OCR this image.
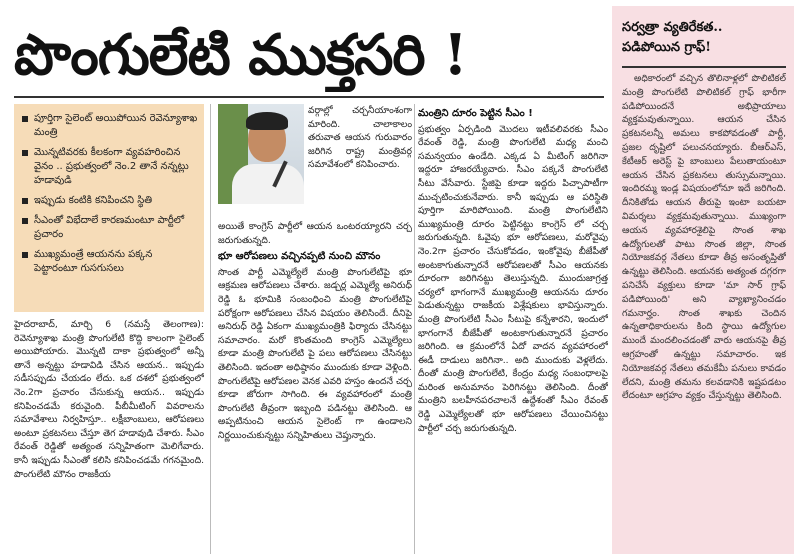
పొంగులేటి ముక్తసరి !
పూర్తిగా సైలెంట్ అయిపోయిన రెవెన్యూశాఖ మంత్రి
మొన్నటివరకు కీలకంగా వ్యవహరించిన వైనం .. ప్రభుత్వంలో నెం.2 తానే నన్నట్లు హడావుడి
ఇప్పుడు కంటికి కనిపించని స్థితి
సీఎంతో విభేదాలే కారణమంటూ పార్టీలో ప్రచారం
ముఖ్యమంత్రే ఆయనను పక్కన పెట్టారంటూ గుసగుసలు

హైదరాబాద్, మార్చి 6 (నమస్తే తెలంగాణ): రెవెన్యూశాఖ మంత్రి పొంగులేటి కొద్ది కాలంగా సైలెంట్ అయిపోయారు. మొన్నటి దాకా ప్రభుత్వంలో అన్నీ తానే అన్నట్టు హడావిడి చేసిన ఆయన.. ఇప్పుడు సడీసప్పుడు చేయడం లేదు. ఒక దశలో ప్రభుత్వంలో నెం.2గా ప్రచారం చేసుకున్న ఆయన.. ఇప్పుడు కనిపించడమే కరువైంది. పీబీమీటింగ్ వివరాలను సమావేశాలు నిర్వహిస్తూ.. లక్షీబాంబులు, ఆరోపణలు అంటూ ప్రకటనలు చేస్తూ తెగ హడావుడి చేశారు. సీఎం రేవంత్ రెడ్డితో అత్యంత సన్నిహితంగా మెలిగేవారు. కానీ ఇప్పుడు సీఎంతో కలిసి కనిపించడమే గగనమైంది. పొంగులేటి మౌనం రాజకీయ

వర్గాల్లో చర్చనీయాంశంగా మారింది. చాలాకాలం తరువాత ఆయన గురువారం జరిగిన రాష్ట్ర మంత్రివర్గ సమావేశంలో కనిపించారు.

అయితే కాంగ్రెస్ పార్టీలో ఆయన ఒంటరయ్యారని చర్చ జరుగుతున్నది.

భూ ఆరోపణలు వచ్చినప్పటి నుంచి మౌనం

సొంత పార్టీ ఎమ్మెల్యేలే మంత్రి పొంగులేటిపై భూ ఆక్రమణ ఆరోపణలు చేశారు. జడ్చర్ల ఎమ్మెల్యే అనిరుధ్ రెడ్డి ఓ భూమికి సంబంధించి మంత్రి పొంగులేటిపై పరోక్షంగా ఆరోపణలు చేసిన విషయం తెలిసిందే. దీనిపై అనిరుధ్ రెడ్డి ఏకంగా ముఖ్యమంత్రికి ఫిర్యాదు చేసినట్టు సమాచారం. మరో కొంతమంది కాంగ్రెస్ ఎమ్మెల్యేలు కూడా మంత్రి పొంగులేటి పై పలు ఆరోపణలు చేసినట్టు తెలిసింది. ఇదంతా అధిష్ఠానం ముందుకు కూడా వెళ్లింది. పొంగులేటిపై ఆరోపణల వెనక ఎవరి హస్తం ఉందనే చర్చ కూడా జోరుగా సాగింది. ఈ వ్యవహారంలో మంత్రి పొంగులేటి తీవ్రంగా ఇబ్బంది పడినట్టు తెలిసింది. ఆ అప్పటినుంచి ఆయన సైలెంట్ గా ఉండాలని నిర్ణయించుకున్నట్టు సన్నిహితులు చెప్తున్నారు.

మంత్రిని దూరం పెట్టిన సీఎం !

ప్రభుత్వం ఏర్పడింది మొదలు ఇటీవలివరకు సీఎం రేవంత్ రెడ్డి, మంత్రి పొంగులేటి మధ్య మంచి సమన్వయం ఉండేది. ఎక్కడ ఏ మీటింగ్ జరిగినా ఇద్దరూ హాజరయ్యేవారు. సీఎం పక్కనే పొంగులేటి సీటు వేసేవారు. స్టేజిపై కూడా ఇద్దరు పిచ్చాపాటీగా ముచ్చటించుకునేవారు. కానీ ఇప్పుడు ఆ పరిస్థితి పూర్తిగా మారిపోయింది. మంత్రి పొంగులేటిని ముఖ్యమంత్రి దూరం పెట్టినట్టు కాంగ్రెస్ లో చర్చ జరుగుతున్నది. ఓవైపు భూ ఆరోపణలు, మరోవైపు నెం.2గా ప్రచారం చేసుకోవడం, ఇంకోవైపు బీజేపీతో అంటకాగుతున్నారనే ఆరోపణలతో సీఎం ఆయనకు దూరంగా జరిగినట్టు తెలుస్తున్నది. ముందుజాగ్రత్త చర్యలో భాగంగానే ముఖ్యమంత్రి ఆయనను దూరం పెడుతున్నట్టు రాజకీయ విశ్లేషకులు భావిస్తున్నారు. మంత్రి పొంగులేటి సీఎం సీటుపై కన్నేశారని, ఇందులో భాగంగానే బీజేపీతో అంటకాగుతున్నారనే ప్రచారం జరిగింది. ఆ క్రమంలోనే ఏదో వాదన వ్యవహారంలో ఈడీ దాడులు జరిగినా.. అది ముందుకు వెళ్లలేదు. దీంతో మంత్రి పొంగులేటి, కేంద్రం మధ్య సంబంధాలపై మరింత అనుమానం పెరిగినట్టు తెలిసింది. దీంతో మంత్రిని బలహీనపరచాలనే ఉద్దేశంతో సీఎం రేవంత్ రెడ్డి ఎమ్మెల్యేలతో భూ ఆరోపణలు చేయించినట్టు పార్టీలో చర్చ జరుగుతున్నది.

సర్వత్రా వ్యతిరేకత..
పడిపోయిన గ్రాఫ్!

అధికారంలో వచ్చిన తొలినాళ్లలో పొలిటికల్ మంత్రి పొంగులేటి పొలిటికల్ గ్రాఫ్ భారీగా పడిపోయిందనే అభిప్రాయాలు వ్యక్తమవుతున్నాయి. ఆయన చేసిన ప్రకటనలన్నీ అమలు కాకపోవడంతో పార్టీ, ప్రజల దృష్టిలో పలుచనయ్యారు. బీఆర్ఎస్, కేటీఆర్ అరెస్ట్ పై బాంబులు పేలుతాయంటూ ఆయన చేసిన ప్రకటనలు తుస్సుమన్నాయి. ఇందిరమ్మ ఇండ్ల విషయంలోనూ ఇదే జరిగింది. దీనికితోడు ఆయన తీరుపై ఇంటా బయటా విమర్శలు వ్యక్తమవుతున్నాయి. ముఖ్యంగా ఆయన వ్యవహారశైలిపై సొంత శాఖ ఉద్యోగులతో పాటు సొంత జిల్లా, సొంత నియోజకవర్గ నేతలు కూడా తీవ్ర అసంతృప్తితో ఉన్నట్టు తెలిసింది. ఆయనకు అత్యంత దగ్గరగా పనిచేసే వ్యక్తులు కూడా 'మా సార్ గ్రాఫ్ పడిపోయింది' అని వ్యాఖ్యానించడం గమనార్హం. సొంత శాఖకు చెందిన ఉన్నతాధికారులను కింది స్థాయి ఉద్యోగుల ముందే మందలించడంతో వారు ఆయనపై తీవ్ర ఆగ్రహంతో ఉన్నట్టు సమాచారం. ఇక నియోజకవర్గ నేతలు తమకేమీ పనులు కావడం లేదని, మంత్రి తమను కలవడానికి ఇష్టపడటం లేదంటూ ఆగ్రహం వ్యక్తం చేస్తున్నట్టు తెలిసింది.
